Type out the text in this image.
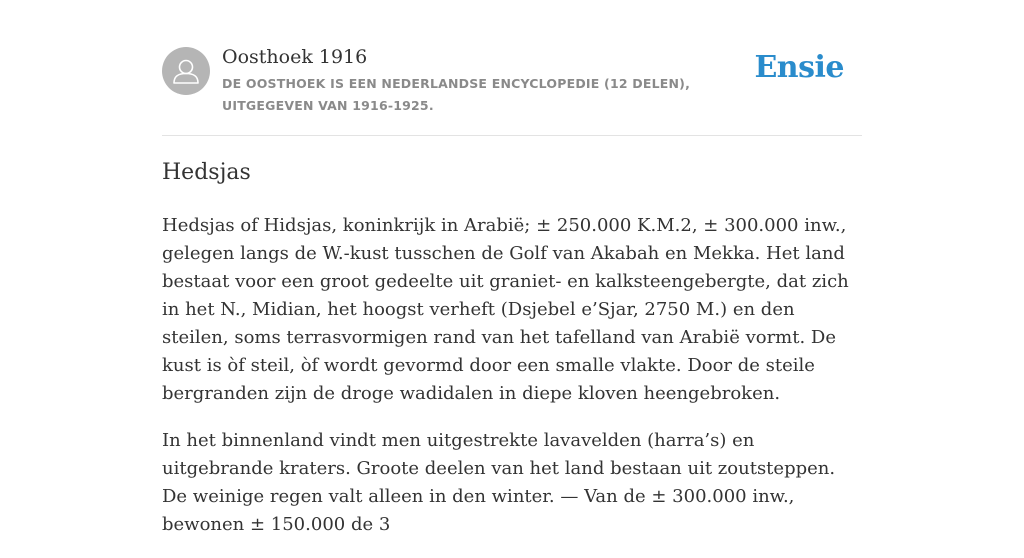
Oosthoek 1916
DE OOSTHOEK IS EEN NEDERLANDSE ENCYCLOPEDIE (12 DELEN), UITGEGEVEN VAN 1916-1925.
Ensie
Hedsjas

Hedsjas of Hidsjas, koninkrijk in Arabië; ± 250.000 K.M.2, ± 300.000 inw., gelegen langs de W.-kust tusschen de Golf van Akabah en Mekka. Het land bestaat voor een groot gedeelte uit graniet- en kalksteengebergte, dat zich in het N., Midian, het hoogst verheft (Dsjebel e’Sjar, 2750 M.) en den steilen, soms terrasvormigen rand van het tafelland van Arabië vormt. De kust is òf steil, òf wordt gevormd door een smalle vlakte. Door de steile bergranden zijn de droge wadidalen in diepe kloven heengebroken.

In het binnenland vindt men uitgestrekte lavavelden (harra’s) en uitgebrande kraters. Groote deelen van het land bestaan uit zoutsteppen. De weinige regen valt alleen in den winter. — Van de ± 300.000 inw., bewonen ± 150.000 de 3
